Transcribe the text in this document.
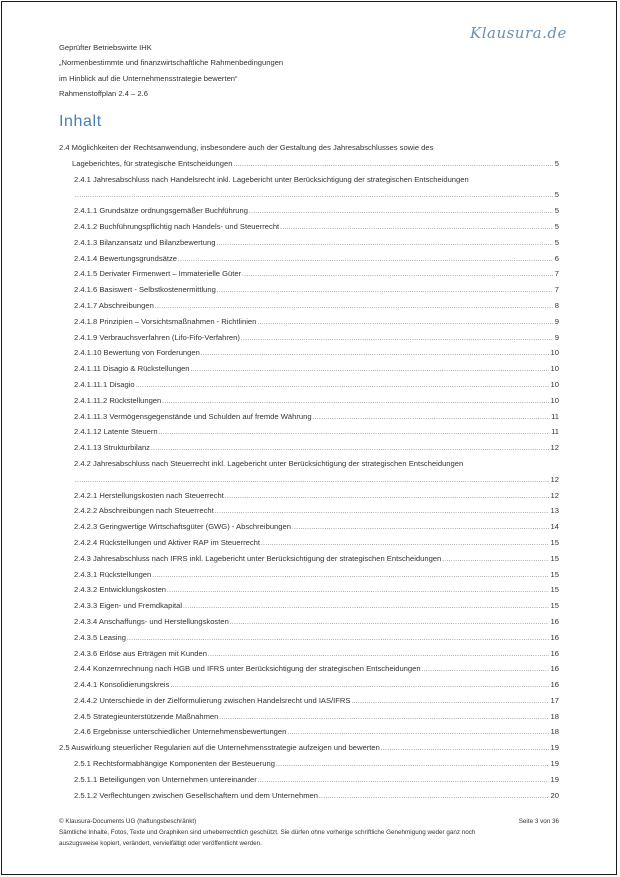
Geprüfter Betriebswirte IHK
„Normenbestimmte und finanzwirtschaftliche Rahmenbedingungen
im Hinblick auf die Unternehmensstrategie bewerten“
Rahmenstoffplan 2.4 – 2.6
Klausura.de
Inhalt
2.4 Möglichkeiten der Rechtsanwendung, insbesondere auch der Gestaltung des Jahresabschlusses sowie des
Lageberichtes, für strategische Entscheidungen .....	5
2.4.1 Jahresabschluss nach Handelsrecht inkl. Lagebericht unter Berücksichtigung der strategischen Entscheidungen
.....
5
2.4.1.1 Grundsätze ordnungsgemäßer Buchführung .....	5
2.4.1.2 Buchführungspflichtig nach Handels- und Steuerrecht .....	5
2.4.1.3 Bilanzansatz und Bilanzbewertung .....	5
2.4.1.4 Bewertungsgrundsätze .....	6
2.4.1.5 Derivater Firmenwert – Immaterielle Güter .....	7
2.4.1.6 Basiswert - Selbstkostenermittlung .....	7
2.4.1.7 Abschreibungen .....	8
2.4.1.8 Prinzipien – Vorsichtsmaßnahmen - Richtlinien .....	9
2.4.1.9 Verbrauchsverfahren (Lifo-Fifo-Verfahren) .....	9
2.4.1.10 Bewertung von Forderungen .....	10
2.4.1.11 Disagio & Rückstellungen .....	10
2.4.1.11.1 Disagio .....	10
2.4.1.11.2 Rückstellungen .....	10
2.4.1.11.3 Vermögensgegenstände und Schulden auf fremde Währung .....	11
2.4.1.12 Latente Steuern .....	11
2.4.1.13 Strukturbilanz .....	12
2.4.2 Jahresabschluss nach Steuerrecht inkl. Lagebericht unter Berücksichtigung der strategischen Entscheidungen
.....
12
2.4.2.1 Herstellungskosten nach Steuerrecht .....	12
2.4.2.2 Abschreibungen nach Steuerrecht .....	13
2.4.2.3 Geringwertige Wirtschaftsgüter (GWG) - Abschreibungen .....	14
2.4.2.4 Rückstellungen und Aktiver RAP im Steuerrecht .....	15
2.4.3 Jahresabschluss nach IFRS inkl. Lagebericht unter Berücksichtigung der strategischen Entscheidungen .....	15
2.4.3.1 Rückstellungen .....	15
2.4.3.2 Entwicklungskosten .....	15
2.4.3.3 Eigen- und Fremdkapital .....	15
2.4.3.4 Anschaffungs- und Herstellungskosten .....	16
2.4.3.5 Leasing .....	16
2.4.3.6 Erlöse aus Erträgen mit Kunden .....	16
2.4.4 Konzernrechnung nach HGB und IFRS unter Berücksichtigung der strategischen Entscheidungen .....	16
2.4.4.1 Konsolidierungskreis .....	16
2.4.4.2 Unterschiede in der Zielformulierung zwischen Handelsrecht und IAS/IFRS .....	17
2.4.5 Strategieunterstützende Maßnahmen .....	18
2.4.6 Ergebnisse unterschiedlicher Unternehmensbewertungen .....	18
2.5 Auswirkung steuerlicher Regularien auf die Unternehmensstrategie aufzeigen und bewerten .....	19
2.5.1 Rechtsformabhängige Komponenten der Besteuerung .....	19
2.5.1.1 Beteiligungen von Unternehmen untereinander .....	19
2.5.1.2 Verflechtungen zwischen Gesellschaftern und dem Unternehmen .....	20
© Klausura-Documents UG (haftungsbeschränkt)	Seite 3 von 36
Sämtliche Inhalte, Fotos, Texte und Graphiken sind urheberrechtlich geschützt. Sie dürfen ohne vorherige schriftliche Genehmigung weder ganz noch
auszugsweise kopiert, verändert, vervielfältigt oder veröffentlicht werden.
